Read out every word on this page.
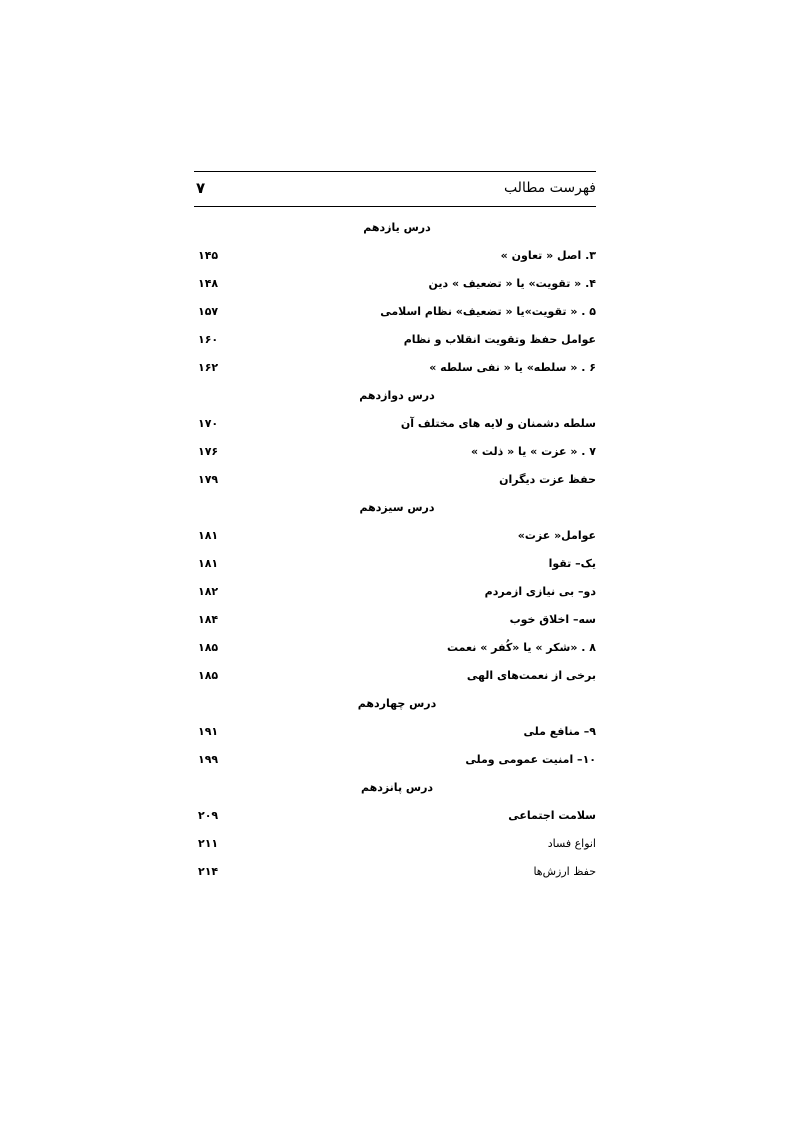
فهرست مطالب
۷
درس یازدهم
۳. اصل « تعاون »
۱۴۵
۴. « تقویت» یا « تضعیف » دین
۱۴۸
۵ . « تقویت»یا « تضعیف» نظام اسلامی
۱۵۷
عوامل حفظ وتقویت انقلاب و نظام
۱۶۰
۶ . « سلطه» یا « نفی سلطه »
۱۶۲
درس دوازدهم
سلطه دشمنان و لایه های مختلف آن
۱۷۰
۷ . « عزت » یا « ذلت »
۱۷۶
حفظ عزت دیگران
۱۷۹
درس سیزدهم
عوامل« عزت»
۱۸۱
یک– تقوا
۱۸۱
دو– بی نیازی ازمردم
۱۸۲
سه– اخلاق خوب
۱۸۴
۸ . «شکر » یا «کُفر » نعمت
۱۸۵
برخی از نعمت‌های الهی
۱۸۵
درس چهاردهم
۹– منافع ملی
۱۹۱
۱۰– امنیت عمومی وملی
۱۹۹
درس پانزدهم
سلامت اجتماعی
۲۰۹
انواع فساد
۲۱۱
حفظ ارزش‌ها
۲۱۴
